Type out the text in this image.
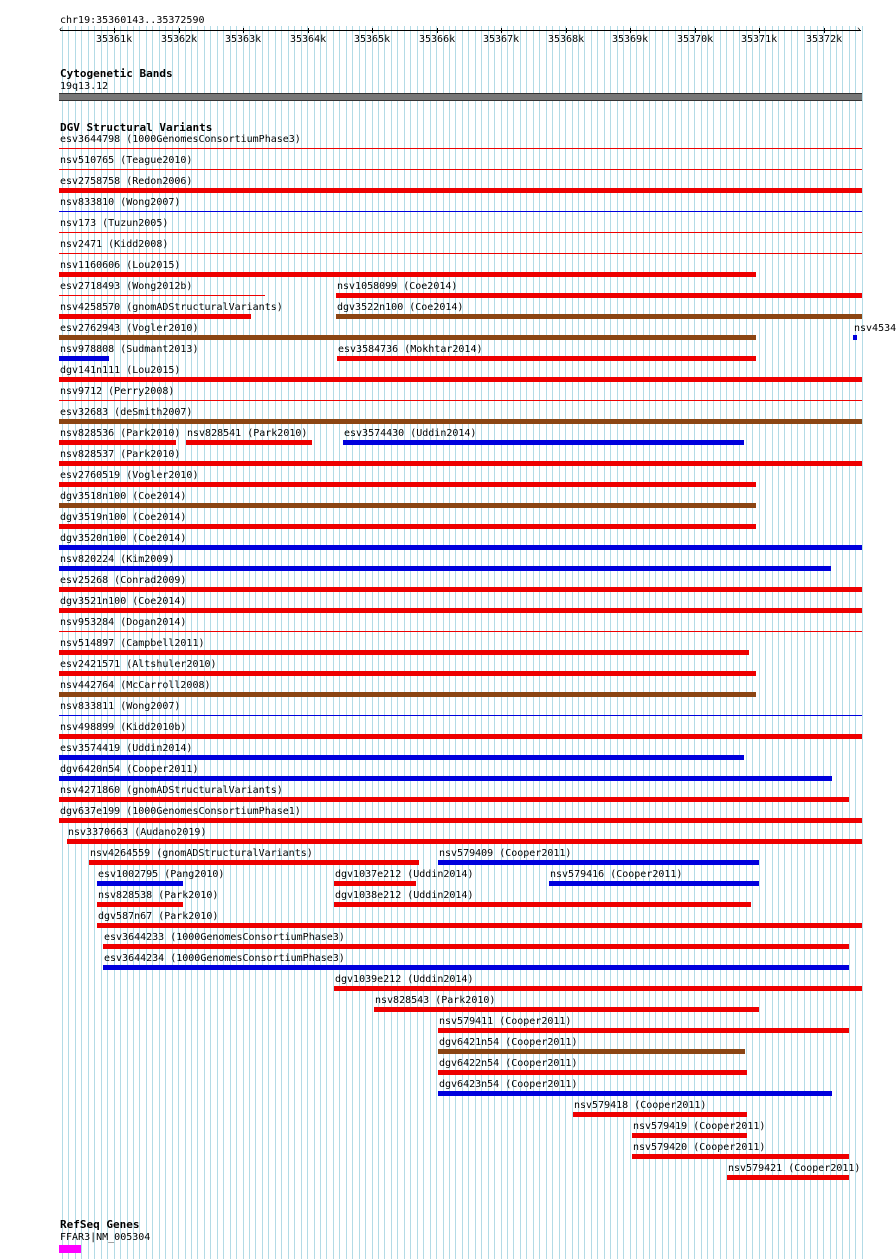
chr19:35360143..35372590
‹	›
35361k	35362k	35363k	35364k	35365k	35366k	35367k	35368k	35369k	35370k	35371k	35372k
Cytogenetic Bands
19q13.12
DGV Structural Variants
esv3644798 (1000GenomesConsortiumPhase3)
nsv510765 (Teague2010)
esv2758758 (Redon2006)
nsv833810 (Wong2007)
nsv173 (Tuzun2005)
nsv2471 (Kidd2008)
nsv1160606 (Lou2015)
esv2718493 (Wong2012b)	nsv1058099 (Coe2014)
nsv4258570 (gnomADStructuralVariants)	dgv3522n100 (Coe2014)
esv2762943 (Vogler2010)	nsv4534
nsv978808 (Sudmant2013)	esv3584736 (Mokhtar2014)
dgv141n111 (Lou2015)
nsv9712 (Perry2008)
esv32683 (deSmith2007)
nsv828536 (Park2010) nsv828541 (Park2010)	esv3574430 (Uddin2014)
nsv828537 (Park2010)
esv2760519 (Vogler2010)
dgv3518n100 (Coe2014)
dgv3519n100 (Coe2014)
dgv3520n100 (Coe2014)
nsv820224 (Kim2009)
esv25268 (Conrad2009)
dgv3521n100 (Coe2014)
nsv953284 (Dogan2014)
nsv514897 (Campbell2011)
esv2421571 (Altshuler2010)
nsv442764 (McCarroll2008)
nsv833811 (Wong2007)
nsv498899 (Kidd2010b)
esv3574419 (Uddin2014)
dgv6420n54 (Cooper2011)
nsv4271860 (gnomADStructuralVariants)
dgv637e199 (1000GenomesConsortiumPhase1)
nsv3370663 (Audano2019)
nsv4264559 (gnomADStructuralVariants)	nsv579409 (Cooper2011)
esv1002795 (Pang2010)	dgv1037e212 (Uddin2014)	nsv579416 (Cooper2011)
nsv828538 (Park2010)	dgv1038e212 (Uddin2014)
dgv587n67 (Park2010)
esv3644233 (1000GenomesConsortiumPhase3)
esv3644234 (1000GenomesConsortiumPhase3)
dgv1039e212 (Uddin2014)
nsv828543 (Park2010)
nsv579411 (Cooper2011)
dgv6421n54 (Cooper2011)
dgv6422n54 (Cooper2011)
dgv6423n54 (Cooper2011)
nsv579418 (Cooper2011)
nsv579419 (Cooper2011)
nsv579420 (Cooper2011)
nsv579421 (Cooper2011)
RefSeq Genes
FFAR3|NM_005304
